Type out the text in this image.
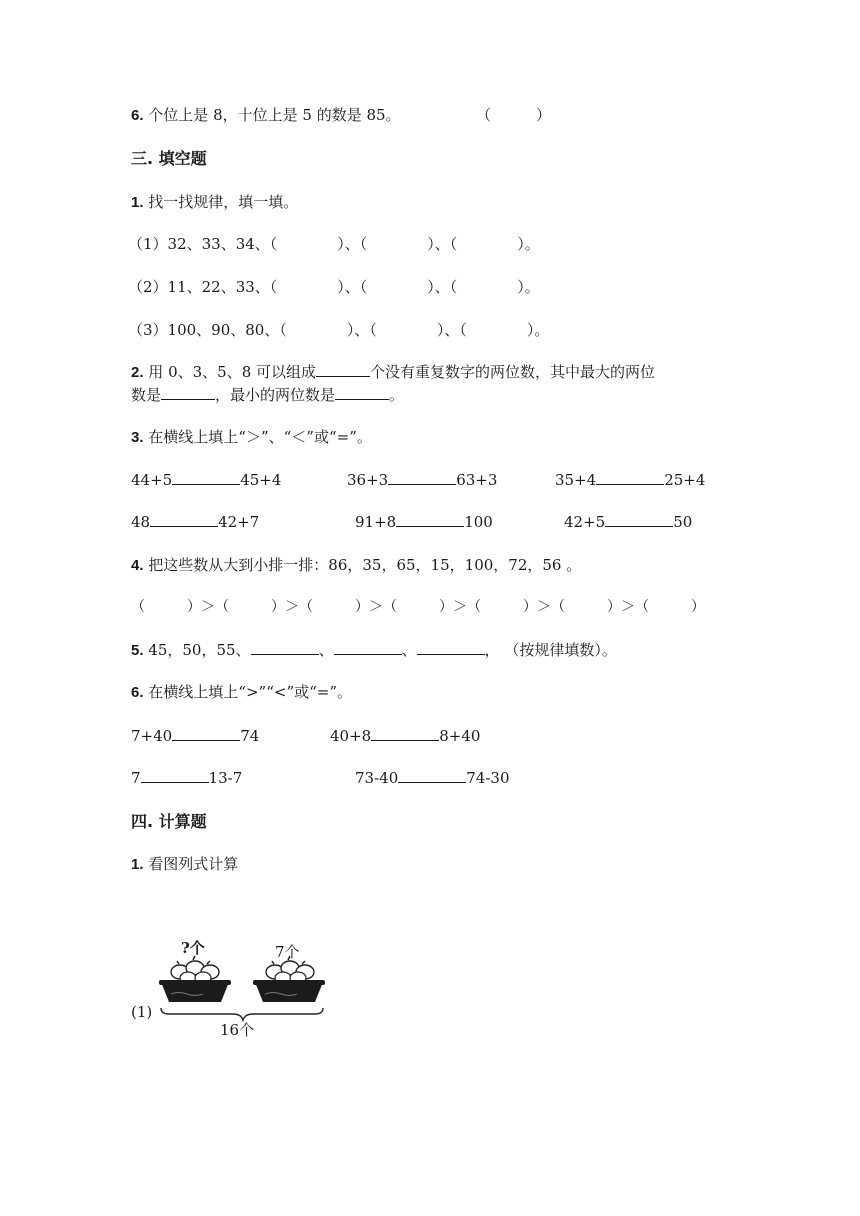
6. 个位上是 8，十位上是 5 的数是 85。	（　　　）
三. 填空题
1. 找一找规律，填一填。
（1）32、33、34、（　　　　）、（　　　　）、（　　　　）。
（2）11、22、33、（　　　　）、（　　　　）、（　　　　）。
（3）100、90、80、（　　　　）、（　　　　）、（　　　　）。
2. 用 0、3、5、8 可以组成	个没有重复数字的两位数，其中最大的两位
数是	，最小的两位数是	。
3. 在横线上填上“＞”、“＜”或“=”。
44+5	45+4	36+3	63+3	35+4	25+4
48	42+7	91+8	100	42+5	50
4. 把这些数从大到小排一排：86，35，65，15，100，72，56 。
（　　　）＞（　　　）＞（　　　）＞（　　　）＞（　　　）＞（　　　）＞（　　　）
5. 45，50，55、	、	、	， （按规律填数）。
6. 在横线上填上“>”“<”或“=”。
7+40	74	40+8	8+40
7	13-7	73-40	74-30
四. 计算题
1. 看图列式计算
(1)
?个	7个
16个
